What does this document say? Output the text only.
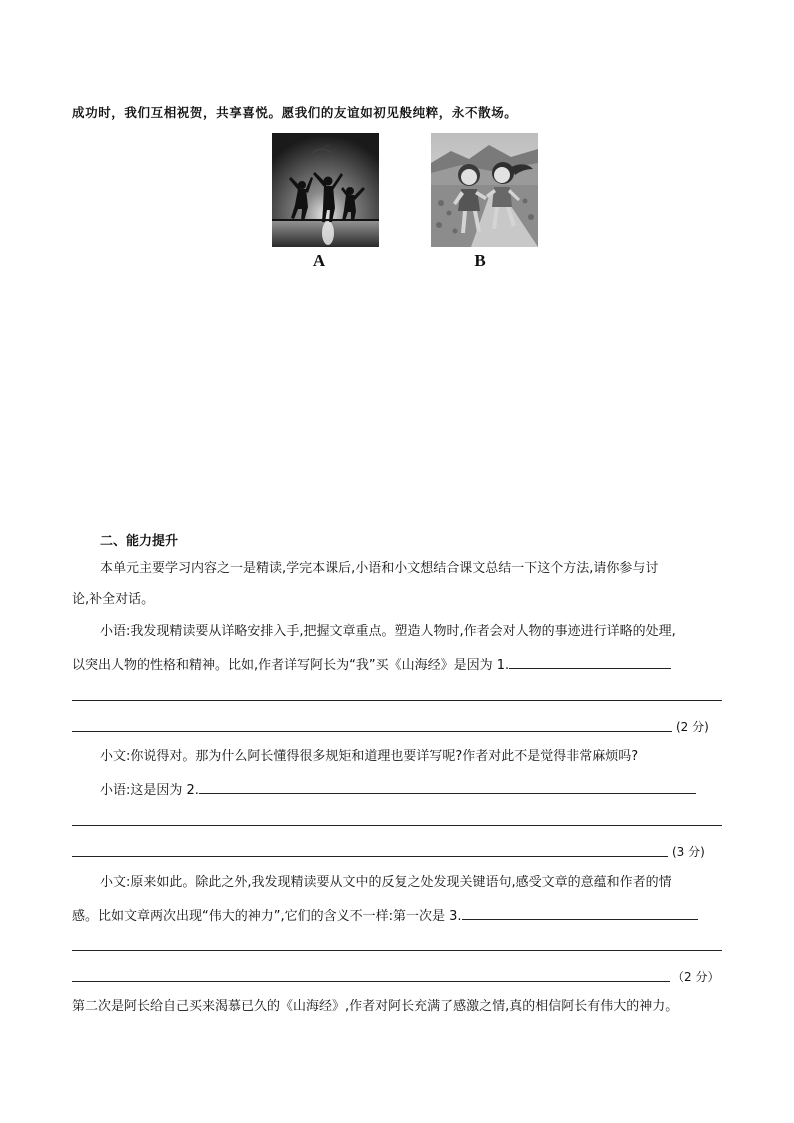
成功时，我们互相祝贺，共享喜悦。愿我们的友谊如初见般纯粹，永不散场。
A	B
二、能力提升
本单元主要学习内容之一是精读,学完本课后,小语和小文想结合课文总结一下这个方法,请你参与讨
论,补全对话。
小语:我发现精读要从详略安排入手,把握文章重点。塑造人物时,作者会对人物的事迹进行详略的处理,
以突出人物的性格和精神。比如,作者详写阿长为“我”买《山海经》是因为 1.
(2 分)
小文:你说得对。那为什么阿长懂得很多规矩和道理也要详写呢?作者对此不是觉得非常麻烦吗?
小语:这是因为 2.
(3 分)
小文:原来如此。除此之外,我发现精读要从文中的反复之处发现关键语句,感受文章的意蕴和作者的情
感。比如文章两次出现“伟大的神力”,它们的含义不一样:第一次是 3.
（2 分）
第二次是阿长给自己买来渴慕已久的《山海经》,作者对阿长充满了感激之情,真的相信阿长有伟大的神力。
